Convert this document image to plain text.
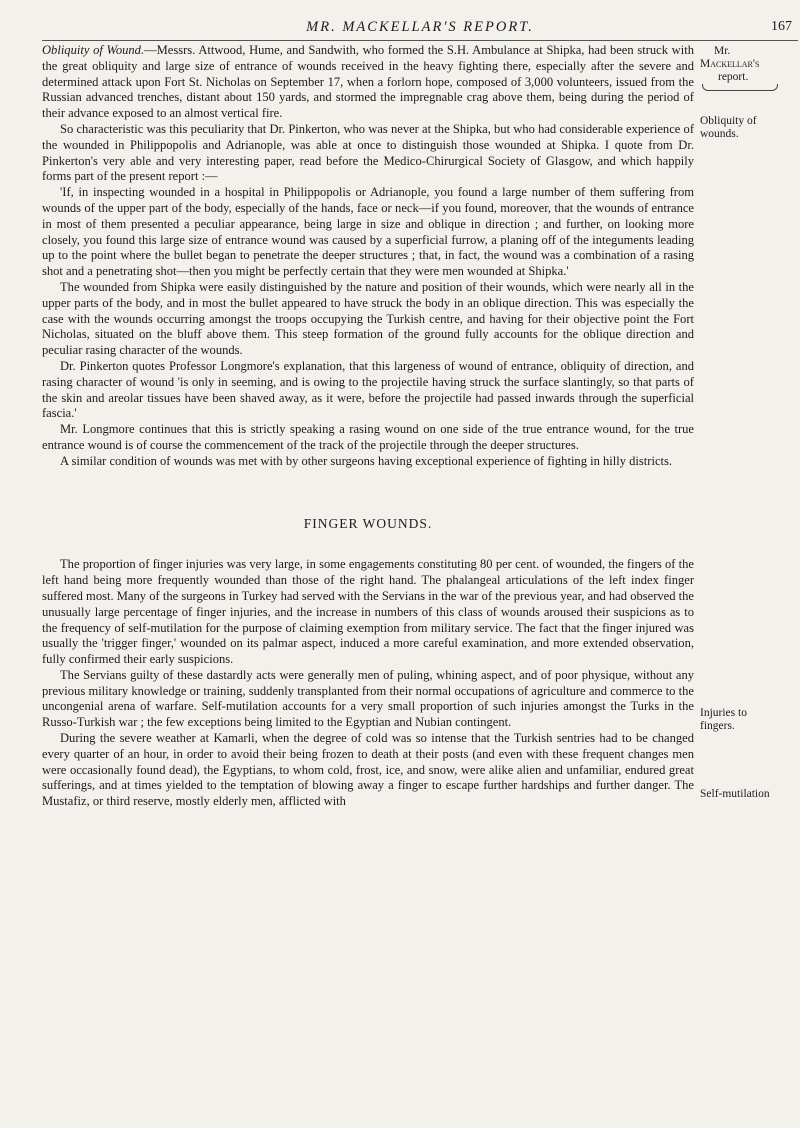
MR. MACKELLAR'S REPORT.	167
Mr.
Mackellar's
report.
Obliquity of
wounds.
Injuries to
fingers.
Self-mutilation

Obliquity of Wound.—Messrs. Attwood, Hume, and Sandwith, who formed the S.H. Ambulance at Shipka, had been struck with the great obliquity and large size of entrance of wounds received in the heavy fighting there, especially after the severe and determined attack upon Fort St. Nicholas on September 17, when a forlorn hope, composed of 3,000 volunteers, issued from the Russian advanced trenches, distant about 150 yards, and stormed the impregnable crag above them, being during the period of their advance exposed to an almost vertical fire.

So characteristic was this peculiarity that Dr. Pinkerton, who was never at the Shipka, but who had considerable experience of the wounded in Philippopolis and Adrianople, was able at once to distinguish those wounded at Shipka. I quote from Dr. Pinkerton's very able and very interesting paper, read before the Medico-Chirurgical Society of Glasgow, and which happily forms part of the present report :—

'If, in inspecting wounded in a hospital in Philippopolis or Adrianople, you found a large number of them suffering from wounds of the upper part of the body, especially of the hands, face or neck—if you found, moreover, that the wounds of entrance in most of them presented a peculiar appearance, being large in size and oblique in direction ; and further, on looking more closely, you found this large size of entrance wound was caused by a superficial furrow, a planing off of the integuments leading up to the point where the bullet began to penetrate the deeper structures ; that, in fact, the wound was a combination of a rasing shot and a penetrating shot—then you might be perfectly certain that they were men wounded at Shipka.'

The wounded from Shipka were easily distinguished by the nature and position of their wounds, which were nearly all in the upper parts of the body, and in most the bullet appeared to have struck the body in an oblique direction. This was especially the case with the wounds occurring amongst the troops occupying the Turkish centre, and having for their objective point the Fort Nicholas, situated on the bluff above them. This steep formation of the ground fully accounts for the oblique direction and peculiar rasing character of the wounds.

Dr. Pinkerton quotes Professor Longmore's explanation, that this largeness of wound of entrance, obliquity of direction, and rasing character of wound 'is only in seeming, and is owing to the projectile having struck the surface slantingly, so that parts of the skin and areolar tissues have been shaved away, as it were, before the projectile had passed inwards through the superficial fascia.'

Mr. Longmore continues that this is strictly speaking a rasing wound on one side of the true entrance wound, for the true entrance wound is of course the commencement of the track of the projectile through the deeper structures.

A similar condition of wounds was met with by other surgeons having exceptional experience of fighting in hilly districts.

FINGER WOUNDS.

The proportion of finger injuries was very large, in some engagements constituting 80 per cent. of wounded, the fingers of the left hand being more frequently wounded than those of the right hand. The phalangeal articulations of the left index finger suffered most. Many of the surgeons in Turkey had served with the Servians in the war of the previous year, and had observed the unusually large percentage of finger injuries, and the increase in numbers of this class of wounds aroused their suspicions as to the frequency of self-mutilation for the purpose of claiming exemption from military service. The fact that the finger injured was usually the 'trigger finger,' wounded on its palmar aspect, induced a more careful examination, and more extended observation, fully confirmed their early suspicions.

The Servians guilty of these dastardly acts were generally men of puling, whining aspect, and of poor physique, without any previous military knowledge or training, suddenly transplanted from their normal occupations of agriculture and commerce to the uncongenial arena of warfare. Self-mutilation accounts for a very small proportion of such injuries amongst the Turks in the Russo-Turkish war ; the few exceptions being limited to the Egyptian and Nubian contingent.

During the severe weather at Kamarli, when the degree of cold was so intense that the Turkish sentries had to be changed every quarter of an hour, in order to avoid their being frozen to death at their posts (and even with these frequent changes men were occasionally found dead), the Egyptians, to whom cold, frost, ice, and snow, were alike alien and unfamiliar, endured great sufferings, and at times yielded to the temptation of blowing away a finger to escape further hardships and further danger. The Mustafiz, or third reserve, mostly elderly men, afflicted with
